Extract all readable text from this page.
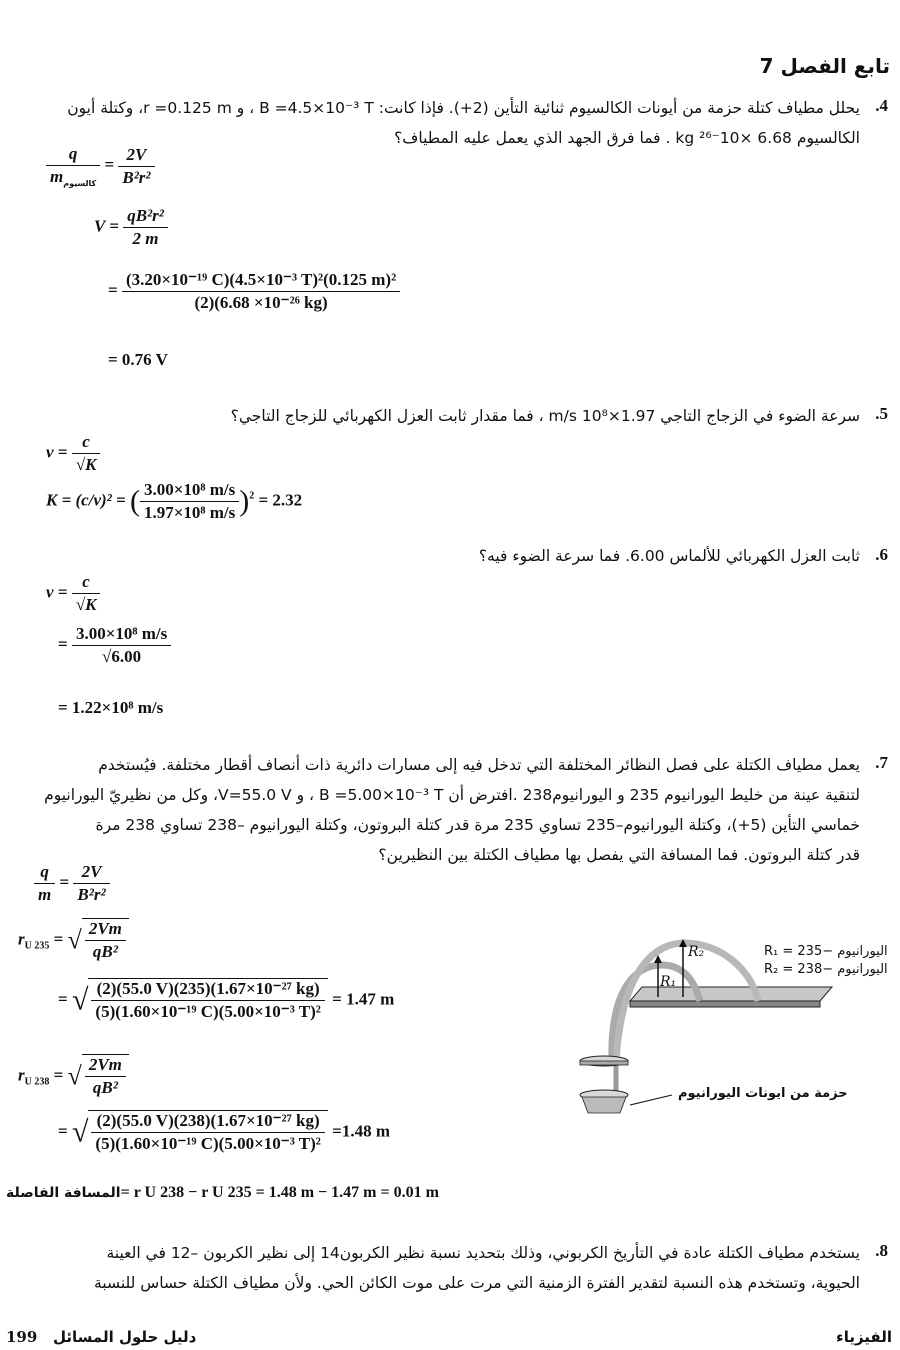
تابع الفصل 7
.4
يحلل مطياف كتلة حزمة من أيونات الكالسيوم ثنائية التأين (2+). فإذا كانت: B =4.5×10⁻³ T ، و r =0.125 m، وكتلة أيون
الكالسيوم 6.68 ×10⁻²⁶ kg . فما فرق الجهد الذي يعمل عليه المطياف؟
$\frac{q}{m_{كالسيوم}} = \frac{2V}{\text{B²r²}}$
$V = \frac{\text{qB²r²}}{2 m}$
= $\frac{\text{(3.20×10⁻¹⁹ C)(4.5×10⁻³ T)²(0.125 m)²}}{\text{(2)(6.68 ×10⁻²⁶ kg)}}$
= 0.76 V
.5
سرعة الضوء في الزجاج التاجي 1.97×10⁸ m/s ، فما مقدار ثابت العزل الكهربائي للزجاج التاجي؟
$v = \frac{c}{√K}$
K = (c/v)² = ( $\frac{\text{3.00×10⁸ m/s}}{\text{1.97×10⁸ m/s}} )^2 = 2.32$
.6
ثابت العزل الكهربائي للألماس 6.00. فما سرعة الضوء فيه؟
$v = \frac{c}{√K}$
= $\frac{\text{3.00×10⁸ m/s}}{√6.00}$
= 1.22×10⁸ m/s
.7
يعمل مطياف الكتلة على فصل النظائر المختلفة التي تدخل فيه إلى مسارات دائرية ذات أنصاف أقطار مختلفة. فيُستخدم
لتنقية عينة من خليط اليورانيوم 235 و اليورانيوم238 .افترض أن B =5.00×10⁻³ T ، و V=55.0 V، وكل من نظيريّ اليورانيوم
خماسي التأين (5+)، وكتلة اليورانيوم–235 تساوي 235 مرة قدر كتلة البروتون، وكتلة اليورانيوم –238 تساوي 238 مرة
قدر كتلة البروتون. فما المسافة التي يفصل بها مطياف الكتلة بين النظيرين؟
$\frac{q}{m} = \frac{2V}{\text{B²r²}}$
$r_{U 235}$ = √ $\frac{2Vm}{\text{qB²}}$
= √ $\frac{\text{(2)(55.0 V)(235)(1.67×10⁻²⁷ kg)}}{\text{(5)(1.60×10⁻¹⁹ C)(5.00×10⁻³ T)²}} = 1.47$ m
$r_{U 238}$ = √ $\frac{2Vm}{\text{qB²}}$
= √ $\frac{\text{(2)(55.0 V)(238)(1.67×10⁻²⁷ kg)}}{\text{(5)(1.60×10⁻¹⁹ C)(5.00×10⁻³ T)²}} =1.48$ m
المسافة الفاصلة= r U 238 − r U 235 = 1.48 m − 1.47 m = 0.01 m
R₁
R₂	R₁ = 235− اليورانيوم
R₂ = 238− اليورانيوم
حزمة من ايونات اليورانيوم
.8
يستخدم مطياف الكتلة عادة في التأريخ الكربوني، وذلك بتحديد نسبة نظير الكربون14 إلى نظير الكربون –12 في العينة
الحيوية، وتستخدم هذه النسبة لتقدير الفترة الزمنية التي مرت على موت الكائن الحي. ولأن مطياف الكتلة حساس للنسبة
199 دليل حلول المسائل	الفيزياء
